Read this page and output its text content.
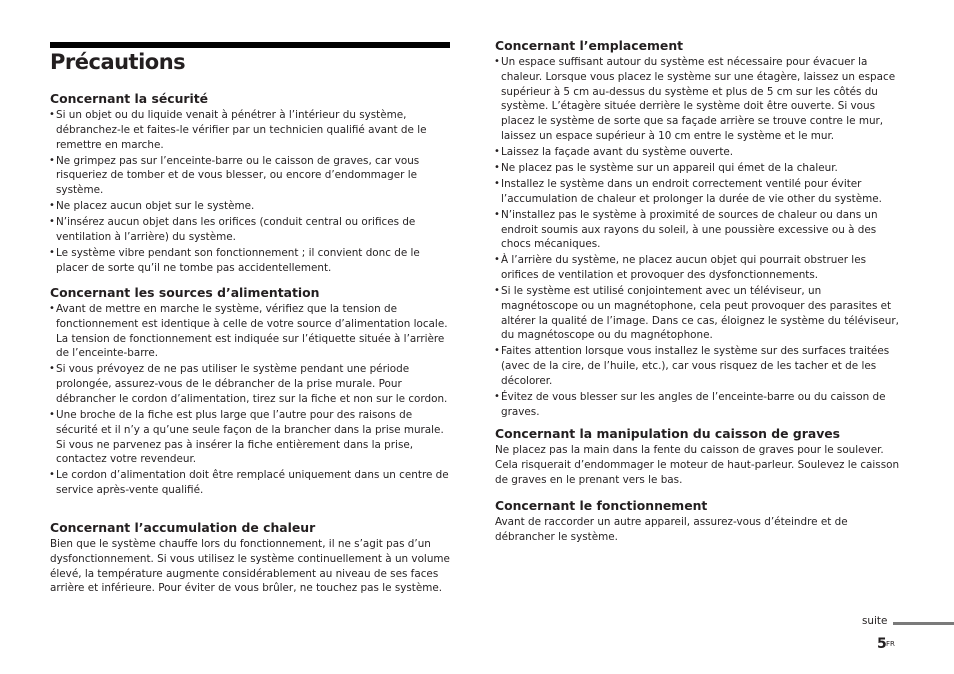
Précautions
Concernant la sécurité
• Si un objet ou du liquide venait à pénétrer à l’intérieur du système, débranchez-le et faites-le vérifier par un technicien qualifié avant de le remettre en marche.
• Ne grimpez pas sur l’enceinte-barre ou le caisson de graves, car vous risqueriez de tomber et de vous blesser, ou encore d’endommager le système.
• Ne placez aucun objet sur le système.
• N’insérez aucun objet dans les orifices (conduit central ou orifices de ventilation à l’arrière) du système.
• Le système vibre pendant son fonctionnement ; il convient donc de le placer de sorte qu’il ne tombe pas accidentellement.
Concernant les sources d’alimentation
• Avant de mettre en marche le système, vérifiez que la tension de fonctionnement est identique à celle de votre source d’alimentation locale. La tension de fonctionnement est indiquée sur l’étiquette située à l’arrière de l’enceinte-barre.
• Si vous prévoyez de ne pas utiliser le système pendant une période prolongée, assurez-vous de le débrancher de la prise murale. Pour débrancher le cordon d’alimentation, tirez sur la fiche et non sur le cordon.
• Une broche de la fiche est plus large que l’autre pour des raisons de sécurité et il n’y a qu’une seule façon de la brancher dans la prise murale. Si vous ne parvenez pas à insérer la fiche entièrement dans la prise, contactez votre revendeur.
• Le cordon d’alimentation doit être remplacé uniquement dans un centre de service après-vente qualifié.
Concernant l’accumulation de chaleur

Bien que le système chauffe lors du fonctionnement, il ne s’agit pas d’un dysfonctionnement. Si vous utilisez le système continuellement à un volume élevé, la température augmente considérablement au niveau de ses faces arrière et inférieure. Pour éviter de vous brûler, ne touchez pas le système.

Concernant l’emplacement
• Un espace suffisant autour du système est nécessaire pour évacuer la chaleur. Lorsque vous placez le système sur une étagère, laissez un espace supérieur à 5 cm au-dessus du système et plus de 5 cm sur les côtés du système. L’étagère située derrière le système doit être ouverte. Si vous placez le système de sorte que sa façade arrière se trouve contre le mur, laissez un espace supérieur à 10 cm entre le système et le mur.
• Laissez la façade avant du système ouverte.
• Ne placez pas le système sur un appareil qui émet de la chaleur.
• Installez le système dans un endroit correctement ventilé pour éviter l’accumulation de chaleur et prolonger la durée de vie other du système.
• N’installez pas le système à proximité de sources de chaleur ou dans un endroit soumis aux rayons du soleil, à une poussière excessive ou à des chocs mécaniques.
• À l’arrière du système, ne placez aucun objet qui pourrait obstruer les orifices de ventilation et provoquer des dysfonctionnements.
• Si le système est utilisé conjointement avec un téléviseur, un magnétoscope ou un magnétophone, cela peut provoquer des parasites et altérer la qualité de l’image. Dans ce cas, éloignez le système du téléviseur, du magnétoscope ou du magnétophone.
• Faites attention lorsque vous installez le système sur des surfaces traitées (avec de la cire, de l’huile, etc.), car vous risquez de les tacher et de les décolorer.
• Évitez de vous blesser sur les angles de l’enceinte-barre ou du caisson de graves.
Concernant la manipulation du caisson de graves

Ne placez pas la main dans la fente du caisson de graves pour le soulever. Cela risquerait d’endommager le moteur de haut-parleur. Soulevez le caisson de graves en le prenant vers le bas.

Concernant le fonctionnement

Avant de raccorder un autre appareil, assurez-vous d’éteindre et de débrancher le système.

suite
5 FR
